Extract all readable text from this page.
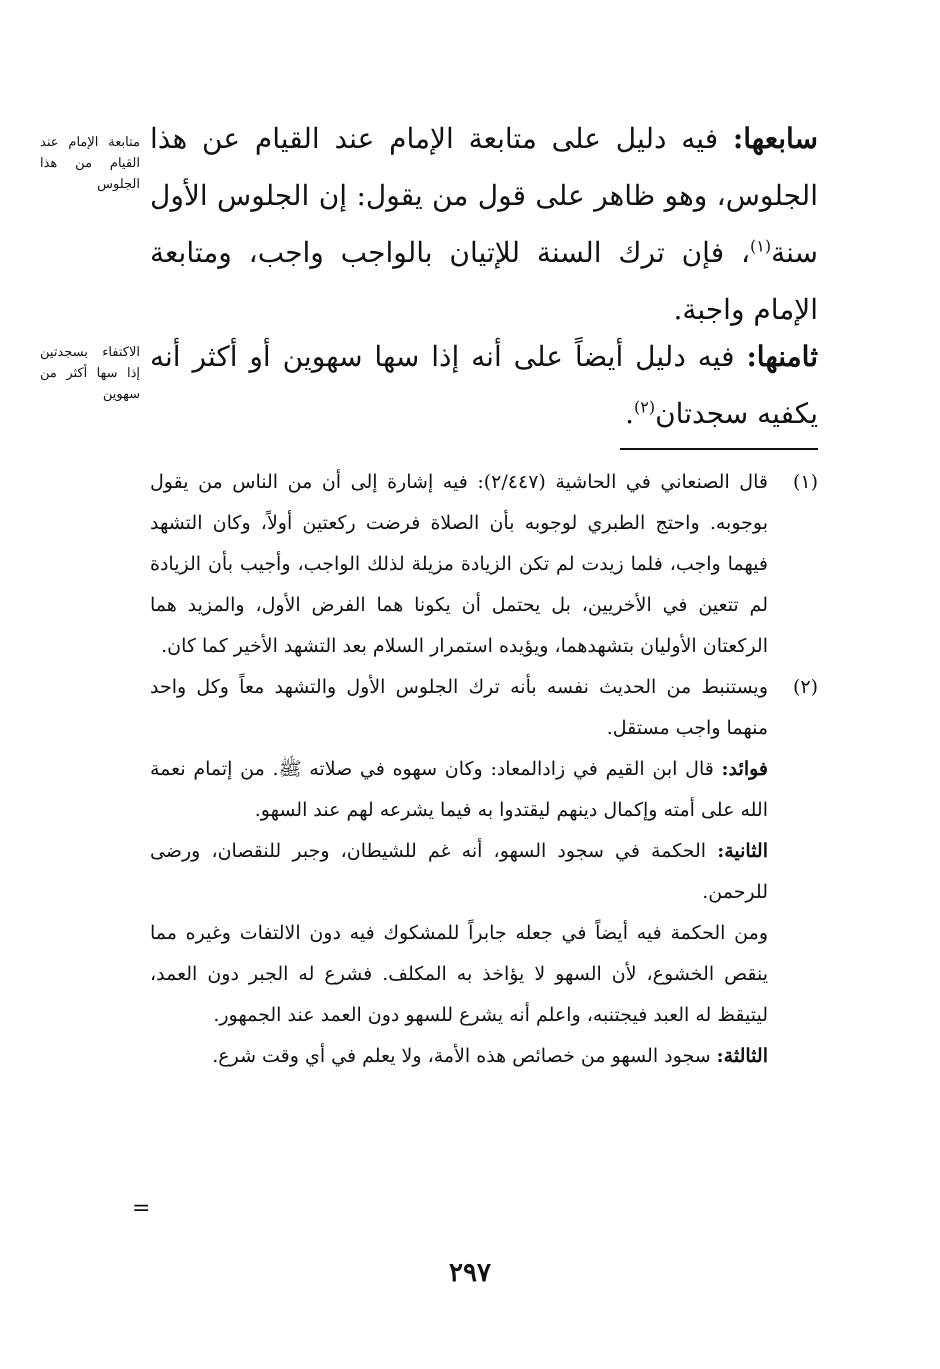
سابعها: فيه دليل على متابعة الإمام عند القيام عن هذا الجلوس، وهو ظاهر على قول من يقول: إن الجلوس الأول سنة$^{(١)}$، فإن ترك السنة للإتيان بالواجب واجب، ومتابعة الإمام واجبة.

متابعة الإمام عند القيام من هذا الجلوس

ثامنها: فيه دليل أيضاً على أنه إذا سها سهوين أو أكثر أنه يكفيه سجدتان$^{(٢)}$.

الاكتفاء بسجدتين إذا سها أكثر من سهوين

(١)
قال الصنعاني في الحاشية (٢/٤٤٧): فيه إشارة إلى أن من الناس من يقول بوجوبه. واحتج الطبري لوجوبه بأن الصلاة فرضت ركعتين أولاً، وكان التشهد فيهما واجب، فلما زيدت لم تكن الزيادة مزيلة لذلك الواجب، وأجيب بأن الزيادة لم تتعين في الأخريين، بل يحتمل أن يكونا هما الفرض الأول، والمزيد هما الركعتان الأوليان بتشهدهما، ويؤيده استمرار السلام بعد التشهد الأخير كما كان.

(٢)
ويستنبط من الحديث نفسه بأنه ترك الجلوس الأول والتشهد معاً وكل واحد منهما واجب مستقل.

فوائد: قال ابن القيم في زادالمعاد: وكان سهوه في صلاته ﷺ. من إتمام نعمة الله على أمته وإكمال دينهم ليقتدوا به فيما يشرعه لهم عند السهو.

الثانية: الحكمة في سجود السهو، أنه غم للشيطان، وجبر للنقصان، ورضى للرحمن.

ومن الحكمة فيه أيضاً في جعله جابراً للمشكوك فيه دون الالتفات وغيره مما ينقص الخشوع، لأن السهو لا يؤاخذ به المكلف. فشرع له الجبر دون العمد، ليتيقظ له العبد فيجتنبه، واعلم أنه يشرع للسهو دون العمد عند الجمهور.

الثالثة: سجود السهو من خصائص هذه الأمة، ولا يعلم في أي وقت شرع.

=
٢٩٧
